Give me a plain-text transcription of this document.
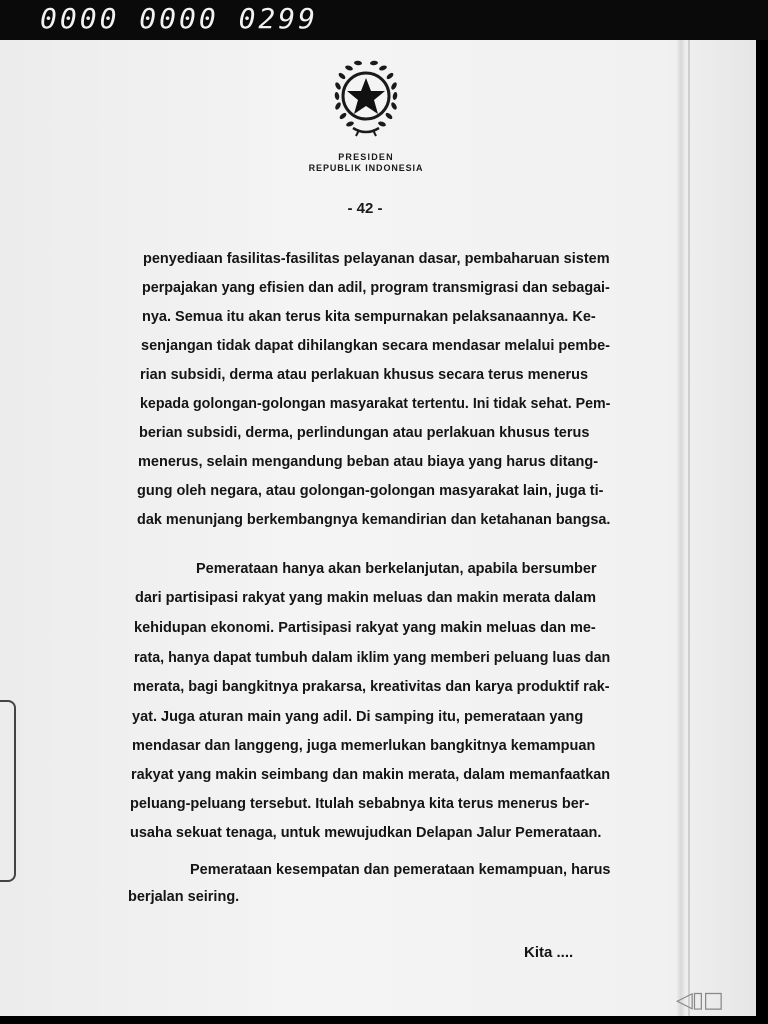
0000 0000 0299
PRESIDEN
REPUBLIK INDONESIA
- 42 -
penyediaan fasilitas-fasilitas pelayanan dasar, pembaharuan sistem
perpajakan yang efisien dan adil, program transmigrasi dan sebagai-
nya. Semua itu akan terus kita sempurnakan pelaksanaannya. Ke-
senjangan tidak dapat dihilangkan secara mendasar melalui pembe-
rian subsidi, derma atau perlakuan khusus secara terus menerus
kepada golongan-golongan masyarakat tertentu. Ini tidak sehat. Pem-
berian subsidi, derma, perlindungan atau perlakuan khusus terus
menerus, selain mengandung beban atau biaya yang harus ditang-
gung oleh negara, atau golongan-golongan masyarakat lain, juga ti-
dak menunjang berkembangnya kemandirian dan ketahanan bangsa.
Pemerataan hanya akan berkelanjutan, apabila bersumber
dari partisipasi rakyat yang makin meluas dan makin merata dalam
kehidupan ekonomi. Partisipasi rakyat yang makin meluas dan me-
rata, hanya dapat tumbuh dalam iklim yang memberi peluang luas dan
merata, bagi bangkitnya prakarsa, kreativitas dan karya produktif rak-
yat. Juga aturan main yang adil. Di samping itu, pemerataan yang
mendasar dan langgeng, juga memerlukan bangkitnya kemampuan
rakyat yang makin seimbang dan makin merata, dalam memanfaatkan
peluang-peluang tersebut. Itulah sebabnya kita terus menerus ber-
usaha sekuat tenaga, untuk mewujudkan Delapan Jalur Pemerataan.
Pemerataan kesempatan dan pemerataan kemampuan, harus
berjalan seiring.
Kita ....
◁▯□
